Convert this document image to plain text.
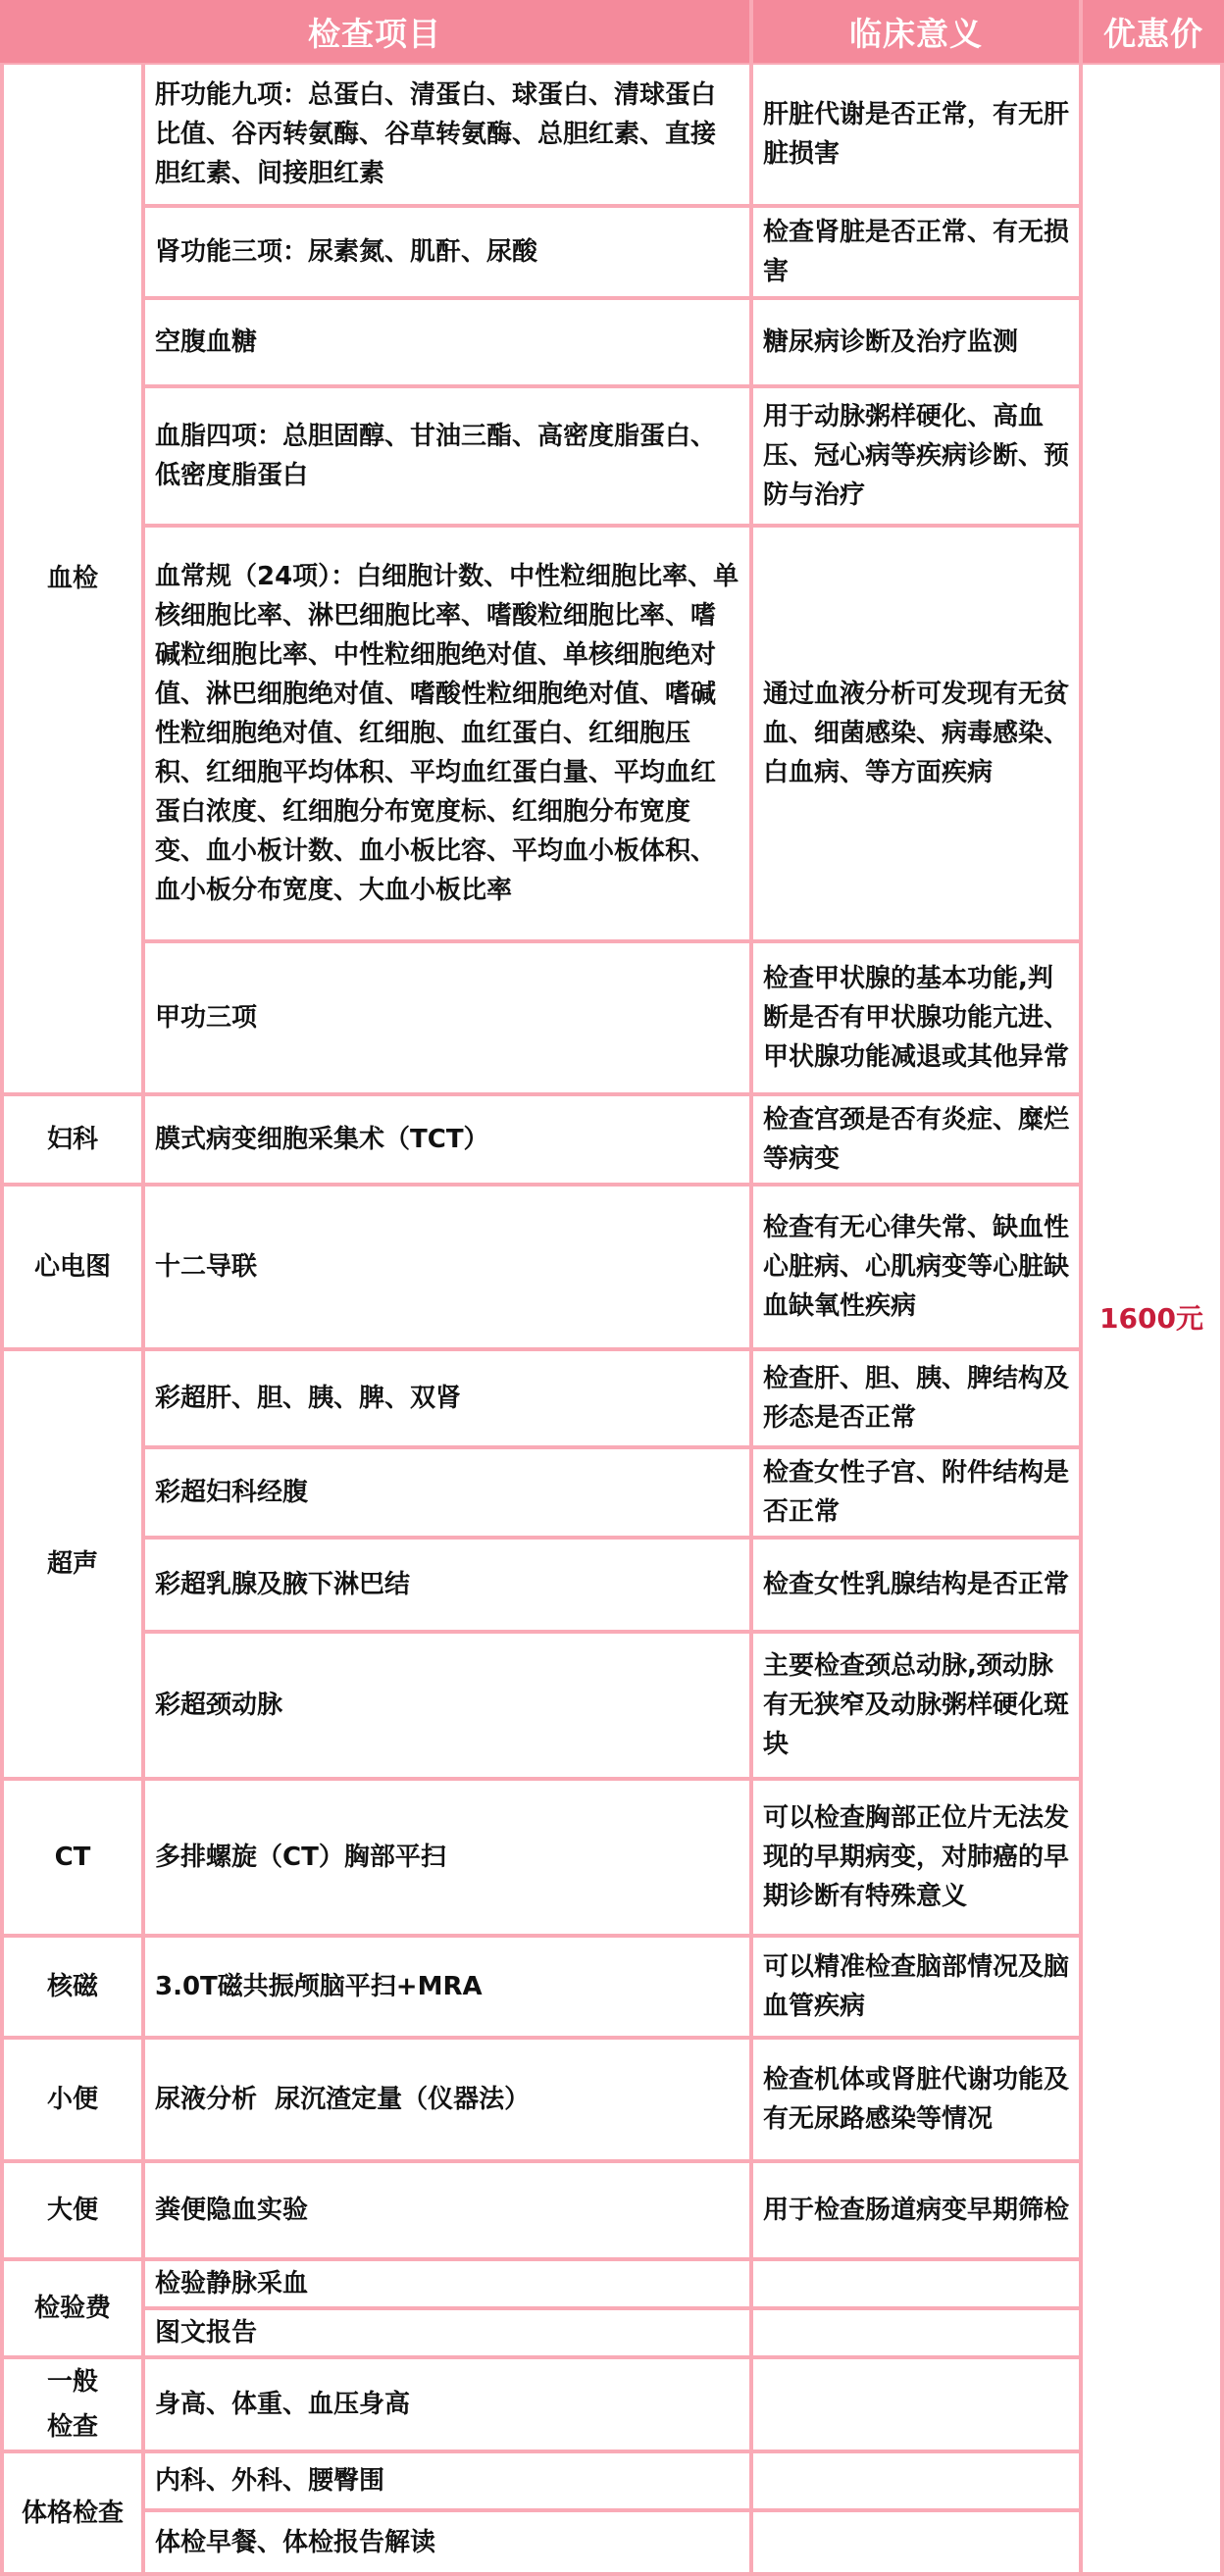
检查项目	临床意义	优惠价
血检
妇科
心电图
超声
CT
核磁
小便
大便
检验费
一般
检查
体格检查
肝功能九项：总蛋白、清蛋白、球蛋白、清球蛋白比值、谷丙转氨酶、谷草转氨酶、总胆红素、直接胆红素、间接胆红素
肾功能三项：尿素氮、肌酐、尿酸
空腹血糖
血脂四项：总胆固醇、甘油三酯、高密度脂蛋白、低密度脂蛋白
血常规（24项）：白细胞计数、中性粒细胞比率、单核细胞比率、淋巴细胞比率、嗜酸粒细胞比率、嗜碱粒细胞比率、中性粒细胞绝对值、单核细胞绝对值、淋巴细胞绝对值、嗜酸性粒细胞绝对值、嗜碱性粒细胞绝对值、红细胞、血红蛋白、红细胞压积、红细胞平均体积、平均血红蛋白量、平均血红蛋白浓度、红细胞分布宽度标、红细胞分布宽度变、血小板计数、血小板比容、平均血小板体积、血小板分布宽度、大血小板比率
甲功三项
膜式病变细胞采集术（TCT）
十二导联
彩超肝、胆、胰、脾、双肾
彩超妇科经腹
彩超乳腺及腋下淋巴结
彩超颈动脉
多排螺旋（CT）胸部平扫
3.0T磁共振颅脑平扫+MRA
尿液分析  尿沉渣定量（仪器法）
粪便隐血实验
检验静脉采血
图文报告
身高、体重、血压身高
内科、外科、腰臀围
体检早餐、体检报告解读
肝脏代谢是否正常，有无肝脏损害
检查肾脏是否正常、有无损害
糖尿病诊断及治疗监测
用于动脉粥样硬化、高血压、冠心病等疾病诊断、预防与治疗
通过血液分析可发现有无贫血、细菌感染、病毒感染、白血病、等方面疾病
检查甲状腺的基本功能,判断是否有甲状腺功能亢进、甲状腺功能减退或其他异常
检查宫颈是否有炎症、糜烂等病变
检查有无心律失常、缺血性心脏病、心肌病变等心脏缺血缺氧性疾病
检查肝、胆、胰、脾结构及形态是否正常
检查女性子宫、附件结构是否正常
检查女性乳腺结构是否正常
主要检查颈总动脉,颈动脉有无狭窄及动脉粥样硬化斑块
可以检查胸部正位片无法发现的早期病变，对肺癌的早期诊断有特殊意义
可以精准检查脑部情况及脑血管疾病
检查机体或肾脏代谢功能及有无尿路感染等情况
用于检查肠道病变早期筛检
1600元
